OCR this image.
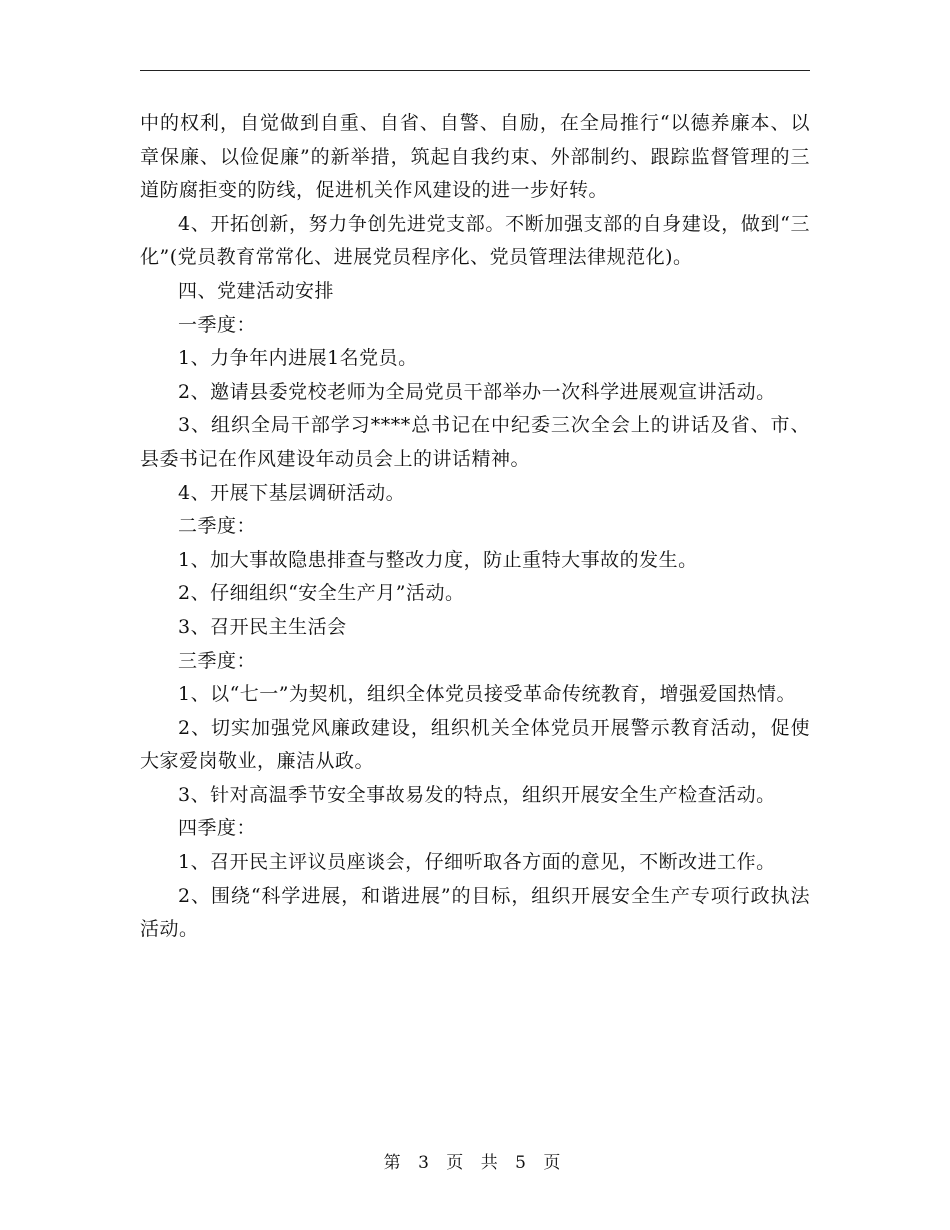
中的权利，自觉做到自重、自省、自警、自励，在全局推行“以德养廉本、以章保廉、以俭促廉”的新举措，筑起自我约束、外部制约、跟踪监督管理的三道防腐拒变的防线，促进机关作风建设的进一步好转。

4、开拓创新，努力争创先进党支部。不断加强支部的自身建设，做到“三化”(党员教育常常化、进展党员程序化、党员管理法律规范化)。

四、党建活动安排

一季度：

1、力争年内进展1名党员。

2、邀请县委党校老师为全局党员干部举办一次科学进展观宣讲活动。

3、组织全局干部学习****总书记在中纪委三次全会上的讲话及省、市、县委书记在作风建设年动员会上的讲话精神。

4、开展下基层调研活动。

二季度：

1、加大事故隐患排查与整改力度，防止重特大事故的发生。

2、仔细组织“安全生产月”活动。

3、召开民主生活会

三季度：

1、以“七一”为契机，组织全体党员接受革命传统教育，增强爱国热情。

2、切实加强党风廉政建设，组织机关全体党员开展警示教育活动，促使大家爱岗敬业，廉洁从政。

3、针对高温季节安全事故易发的特点，组织开展安全生产检查活动。

四季度：

1、召开民主评议员座谈会，仔细听取各方面的意见，不断改进工作。

2、围绕“科学进展，和谐进展”的目标，组织开展安全生产专项行政执法活动。

第 3 页 共 5 页
